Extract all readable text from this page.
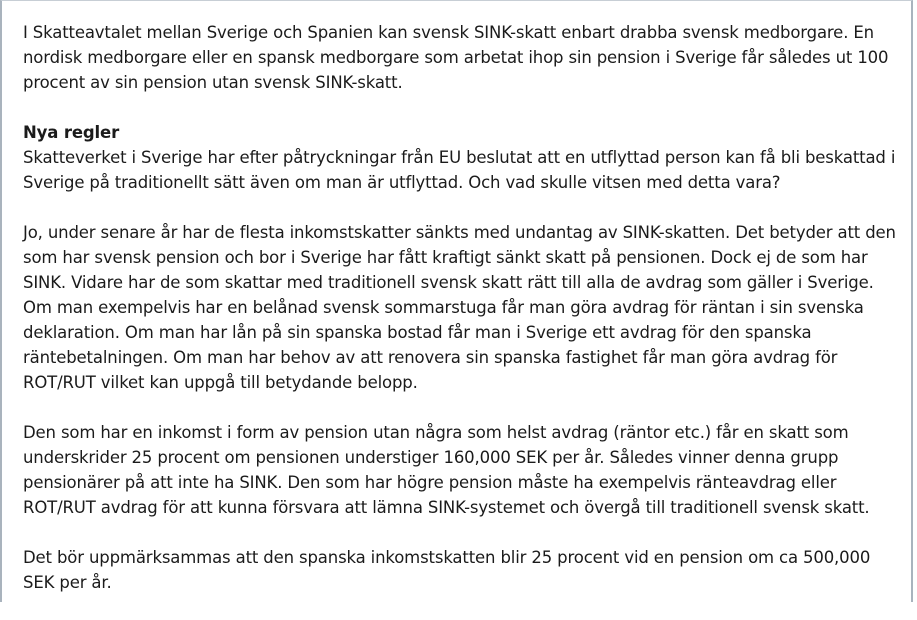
I Skatteavtalet mellan Sverige och Spanien kan svensk SINK-skatt enbart drabba svensk medborgare. En
nordisk medborgare eller en spansk medborgare som arbetat ihop sin pension i Sverige får således ut 100
procent av sin pension utan svensk SINK-skatt.

Nya regler

Skatteverket i Sverige har efter påtryckningar från EU beslutat att en utflyttad person kan få bli beskattad i
Sverige på traditionellt sätt även om man är utflyttad. Och vad skulle vitsen med detta vara?

Jo, under senare år har de flesta inkomstskatter sänkts med undantag av SINK-skatten. Det betyder att den
som har svensk pension och bor i Sverige har fått kraftigt sänkt skatt på pensionen. Dock ej de som har
SINK. Vidare har de som skattar med traditionell svensk skatt rätt till alla de avdrag som gäller i Sverige.
Om man exempelvis har en belånad svensk sommarstuga får man göra avdrag för räntan i sin svenska
deklaration. Om man har lån på sin spanska bostad får man i Sverige ett avdrag för den spanska
räntebetalningen. Om man har behov av att renovera sin spanska fastighet får man göra avdrag för
ROT/RUT vilket kan uppgå till betydande belopp.

Den som har en inkomst i form av pension utan några som helst avdrag (räntor etc.) får en skatt som
underskrider 25 procent om pensionen understiger 160,000 SEK per år. Således vinner denna grupp
pensionärer på att inte ha SINK. Den som har högre pension måste ha exempelvis ränteavdrag eller
ROT/RUT avdrag för att kunna försvara att lämna SINK-systemet och övergå till traditionell svensk skatt.

Det bör uppmärksammas att den spanska inkomstskatten blir 25 procent vid en pension om ca 500,000
SEK per år.
